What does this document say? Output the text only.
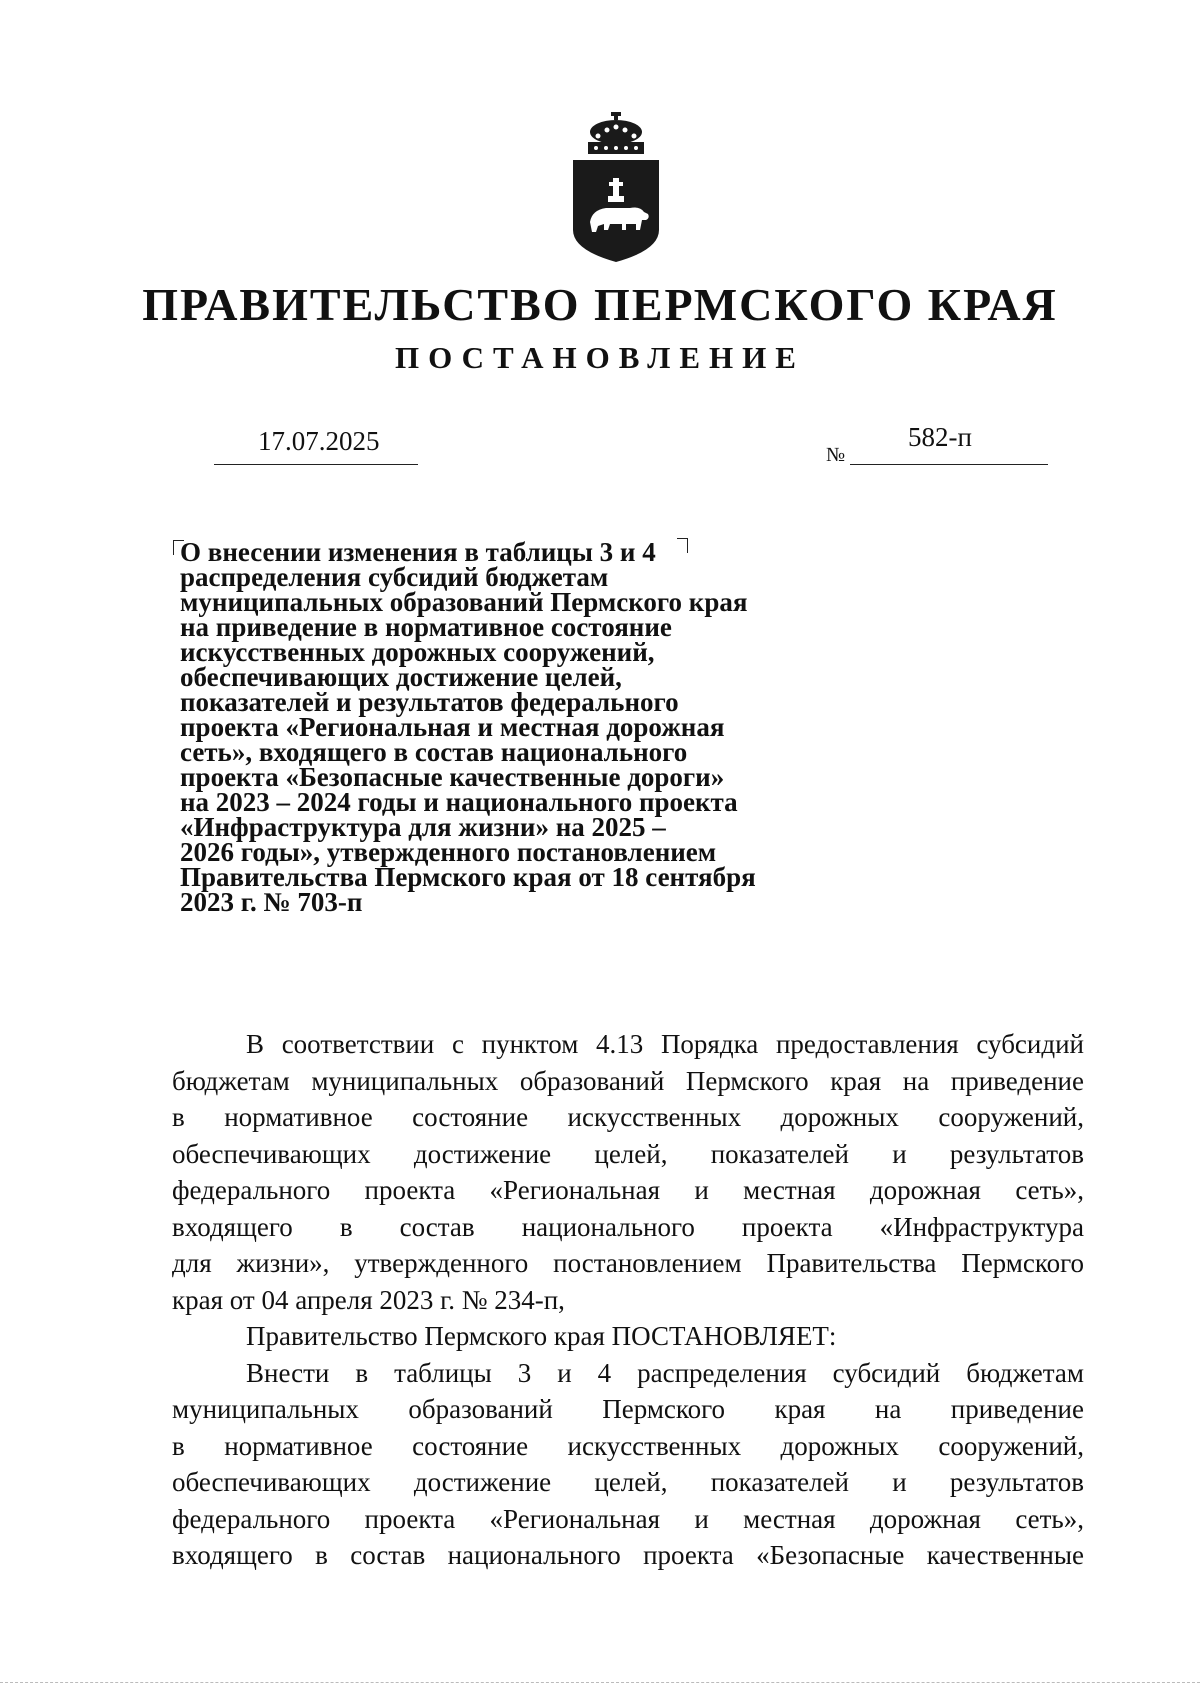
ПРАВИТЕЛЬСТВО ПЕРМСКОГО КРАЯ
ПОСТАНОВЛЕНИЕ
17.07.2025	№
582-п
О внесении изменения в таблицы 3 и 4
распределения субсидий бюджетам
муниципальных образований Пермского края
на приведение в нормативное состояние
искусственных дорожных сооружений,
обеспечивающих достижение целей,
показателей и результатов федерального
проекта «Региональная и местная дорожная
сеть», входящего в состав национального
проекта «Безопасные качественные дороги»
на 2023 – 2024 годы и национального проекта
«Инфраструктура для жизни» на 2025 –
2026 годы», утвержденного постановлением
Правительства Пермского края от 18 сентября
2023 г. № 703-п
В соответствии с пунктом 4.13 Порядка предоставления субсидий
бюджетам муниципальных образований Пермского края на приведение
в нормативное состояние искусственных дорожных сооружений,
обеспечивающих достижение целей, показателей и результатов
федерального проекта «Региональная и местная дорожная сеть»,
входящего в состав национального проекта «Инфраструктура
для жизни», утвержденного постановлением Правительства Пермского
края от 04 апреля 2023 г. № 234-п,
Правительство Пермского края ПОСТАНОВЛЯЕТ:
Внести в таблицы 3 и 4 распределения субсидий бюджетам
муниципальных образований Пермского края на приведение
в нормативное состояние искусственных дорожных сооружений,
обеспечивающих достижение целей, показателей и результатов
федерального проекта «Региональная и местная дорожная сеть»,
входящего в состав национального проекта «Безопасные качественные
